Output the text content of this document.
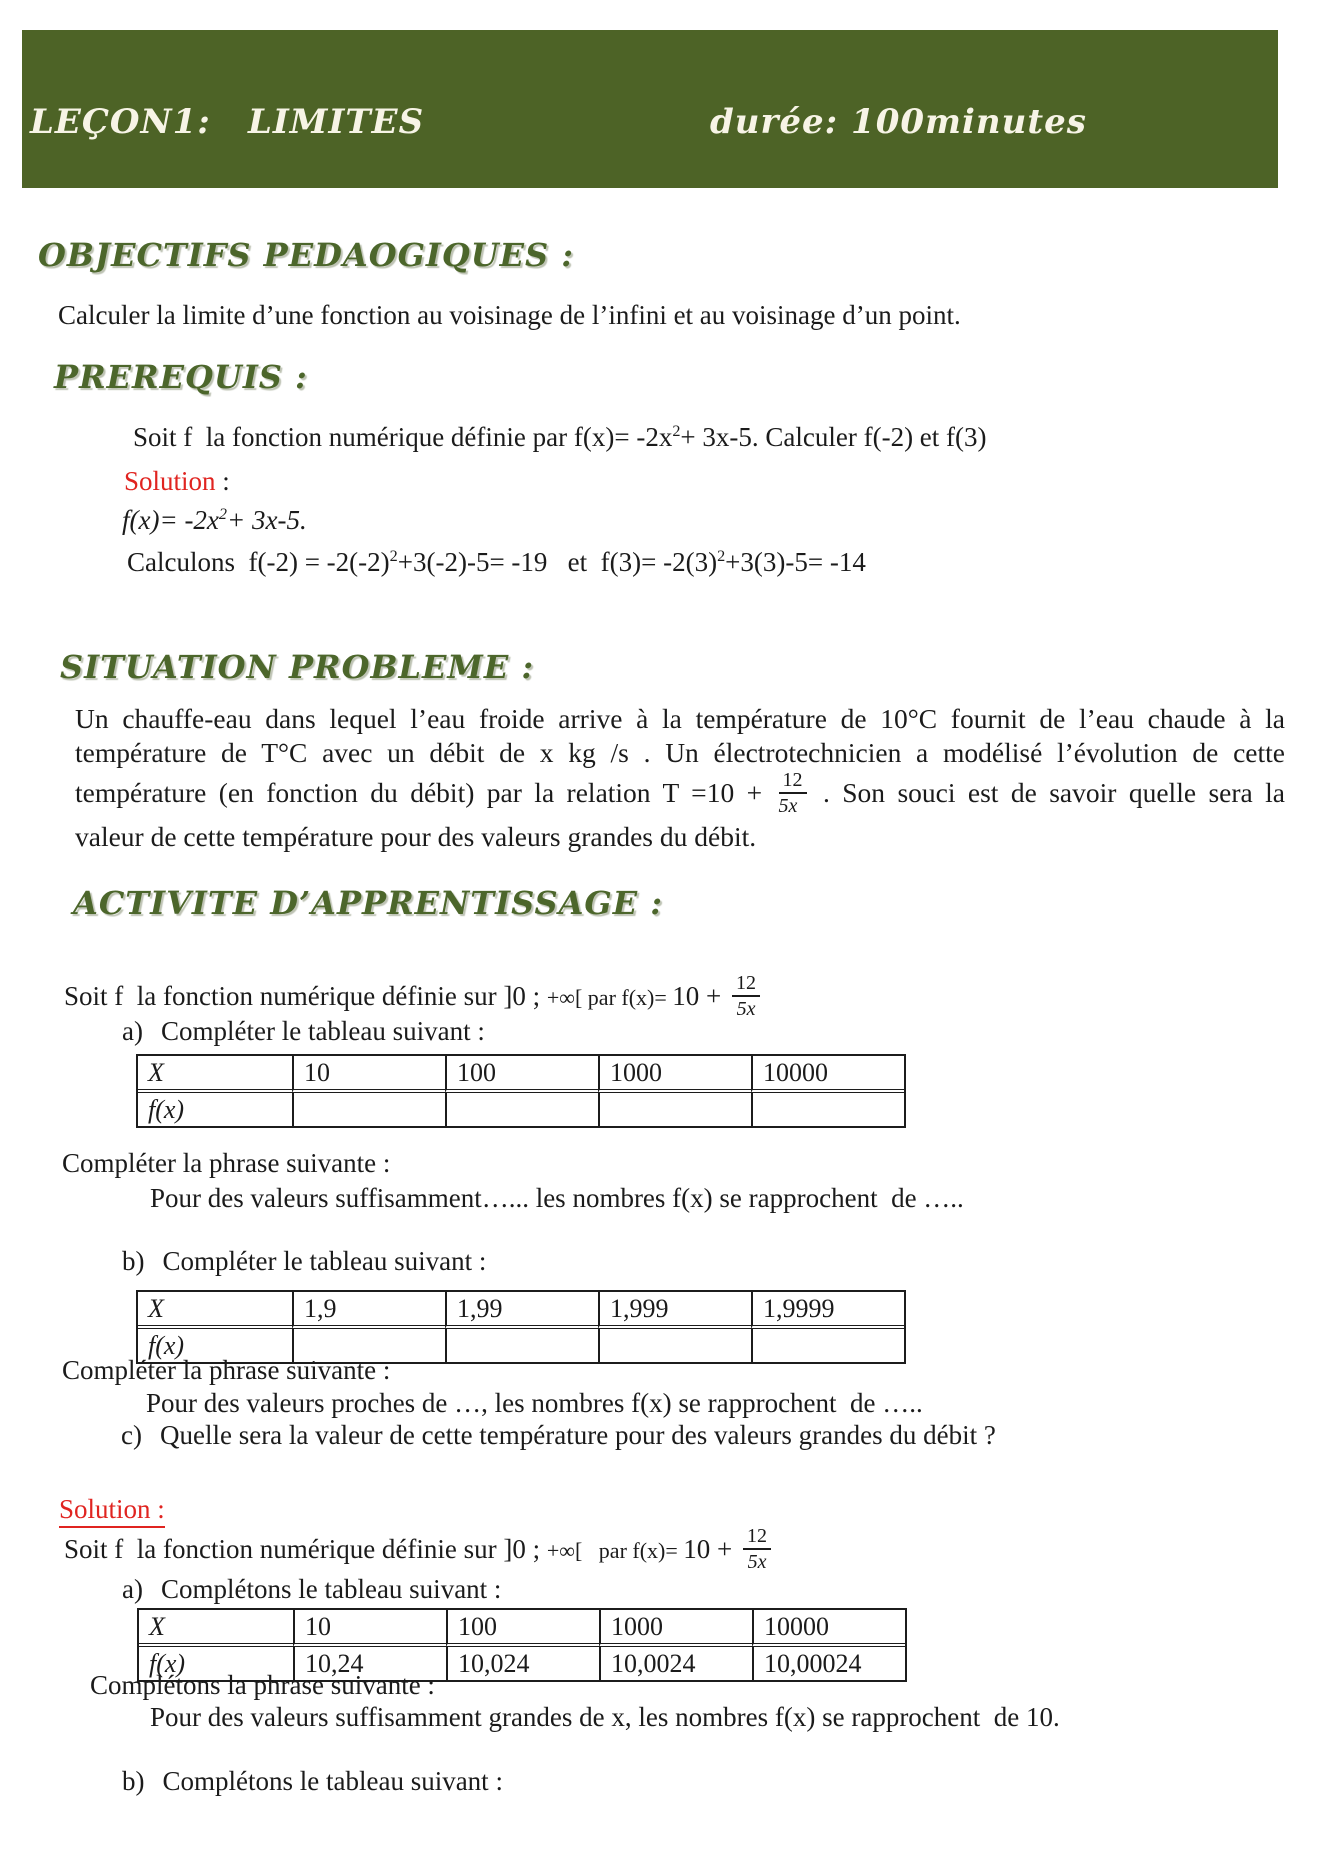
LEÇON1: LIMITES	durée: 100minutes
OBJECTIFS PEDAOGIQUES :
Calculer la limite d’une fonction au voisinage de l’infini et au voisinage d’un point.
PREREQUIS :
Soit f  la fonction numérique définie par $f(x)= -2x^2+ 3x-5$. Calculer f(-2) et f(3)
Solution :
$f(x)= -2x^2+ 3x-5$.
Calculons  $f(-2) = -2(-2)^2+3(-2)-5= -19$   et  $f(3)= -2(3)^2+3(3)-5= -14$
SITUATION PROBLEME :
Un chauffe-eau dans lequel l’eau froide arrive à la température de 10°C fournit de l’eau chaude à la
température de T°C avec un débit de x kg /s . Un électrotechnicien a modélisé l’évolution de cette
température (en fonction du débit) par la relation $T =10 + \frac{12}{5x}$ . Son souci est de savoir quelle sera la
valeur de cette température pour des valeurs grandes du débit.
ACTIVITE D’APPRENTISSAGE :
Soit f  la fonction numérique définie sur ]0 ; +∞[ par $f(x)= 10 + \frac{12}{5x}$
a) Compléter le tableau suivant :
X	10	100	1000	10000
f(x)				
Compléter la phrase suivante :
Pour des valeurs suffisamment…... les nombres f(x) se rapprochent  de …..
b) Compléter le tableau suivant :
X	1,9	1,99	1,999	1,9999
f(x)				
Compléter la phrase suivante :
Pour des valeurs proches de …, les nombres f(x) se rapprochent  de …..
c) Quelle sera la valeur de cette température pour des valeurs grandes du débit ?
Solution :
Soit f  la fonction numérique définie sur ]0 ; +∞[   par $f(x)= 10 + \frac{12}{5x}$
a) Complétons le tableau suivant :
X	10	100	1000	10000
f(x)	10,24	10,024	10,0024	10,00024
Complétons la phrase suivante :
Pour des valeurs suffisamment grandes de x, les nombres f(x) se rapprochent  de 10.
b) Complétons le tableau suivant :
